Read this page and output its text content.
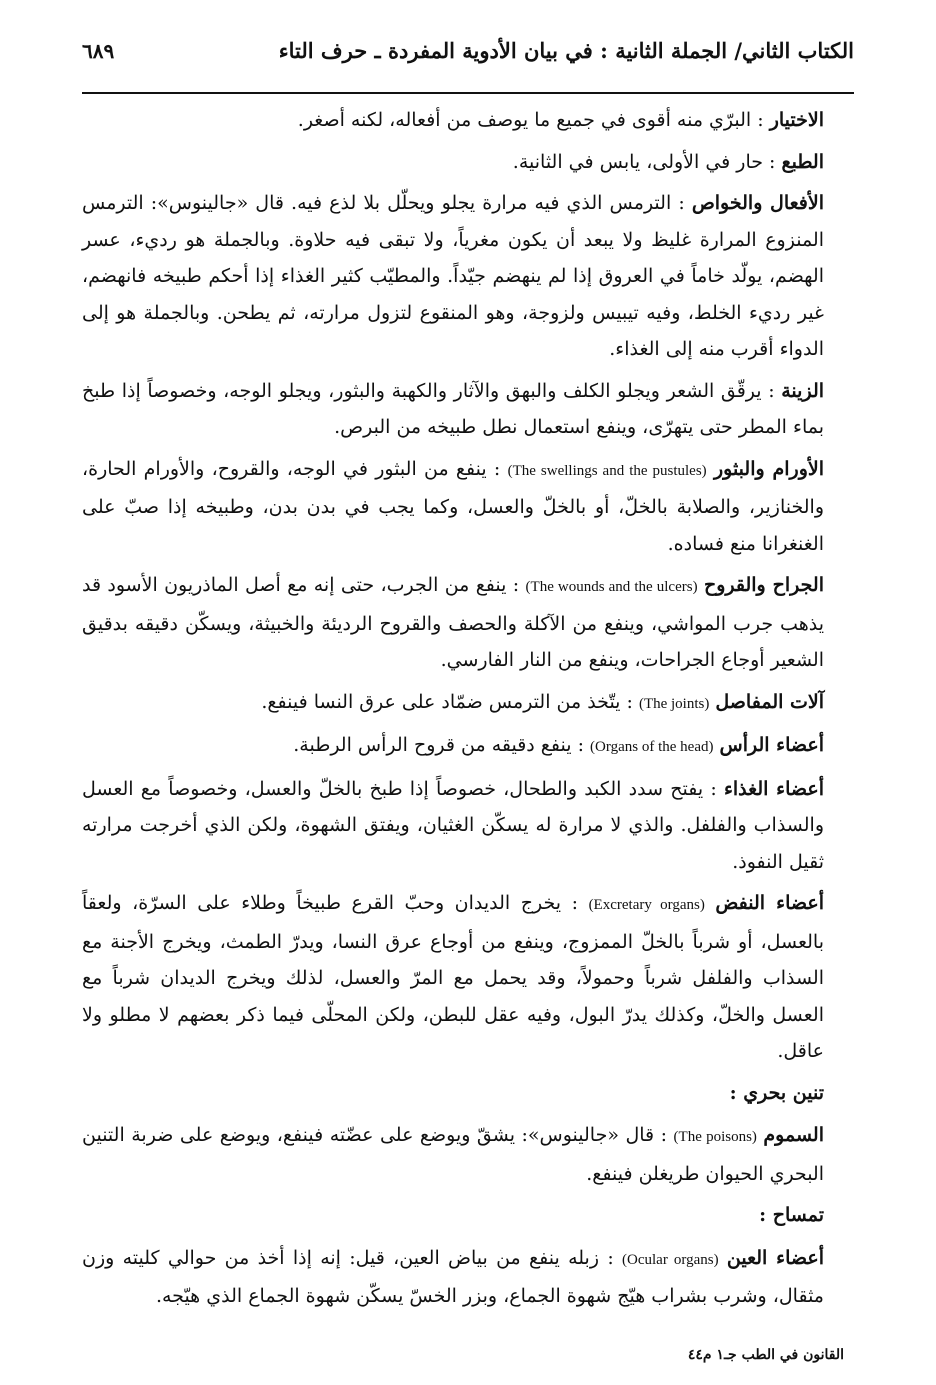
الكتاب الثاني/ الجملة الثانية : في بيان الأدوية المفردة ـ حرف التاء
٦٨٩

الاختيار : البرّي منه أقوى في جميع ما يوصف من أفعاله، لكنه أصغر.

الطبع : حار في الأولى، يابس في الثانية.

الأفعال والخواص : الترمس الذي فيه مرارة يجلو ويحلّل بلا لذع فيه. قال «جالينوس»: الترمس المنزوع المرارة غليظ ولا يبعد أن يكون مغرياً، ولا تبقى فيه حلاوة. وبالجملة هو رديء، عسر الهضم، يولّد خاماً في العروق إذا لم ينهضم جيّداً. والمطيّب كثير الغذاء إذا أحكم طبيخه فانهضم، غير رديء الخلط، وفيه تيبيس ولزوجة، وهو المنقوع لتزول مرارته، ثم يطحن. وبالجملة هو إلى الدواء أقرب منه إلى الغذاء.

الزينة : يرقّق الشعر ويجلو الكلف والبهق والآثار والكهبة والبثور، ويجلو الوجه، وخصوصاً إذا طبخ بماء المطر حتى يتهرّى، وينفع استعمال نطل طبيخه من البرص.

الأورام والبثور (The swellings and the pustules) : ينفع من البثور في الوجه، والقروح، والأورام الحارة، والخنازير، والصلابة بالخلّ، أو بالخلّ والعسل، وكما يجب في بدن بدن، وطبيخه إذا صبّ على الغنغرانا منع فساده.

الجراح والقروح (The wounds and the ulcers) : ينفع من الجرب، حتى إنه مع أصل الماذريون الأسود قد يذهب جرب المواشي، وينفع من الآكلة والحصف والقروح الرديئة والخبيثة، ويسكّن دقيقه بدقيق الشعير أوجاع الجراحات، وينفع من النار الفارسي.

آلات المفاصل (The joints) : يتّخذ من الترمس ضمّاد على عرق النسا فينفع.

أعضاء الرأس (Organs of the head) : ينفع دقيقه من قروح الرأس الرطبة.

أعضاء الغذاء : يفتح سدد الكبد والطحال، خصوصاً إذا طبخ بالخلّ والعسل، وخصوصاً مع العسل والسذاب والفلفل. والذي لا مرارة له يسكّن الغثيان، ويفتق الشهوة، ولكن الذي أخرجت مرارته ثقيل النفوذ.

أعضاء النفض (Excretary organs) : يخرج الديدان وحبّ القرع طبيخاً وطلاء على السرّة، ولعقاً بالعسل، أو شرباً بالخلّ الممزوج، وينفع من أوجاع عرق النسا، ويدرّ الطمث، ويخرج الأجنة مع السذاب والفلفل شرباً وحمولاً، وقد يحمل مع المرّ والعسل، لذلك ويخرج الديدان شرباً مع العسل والخلّ، وكذلك يدرّ البول، وفيه عقل للبطن، ولكن المحلّى فيما ذكر بعضهم لا مطلو ولا عاقل.

تنين بحري :

السموم (The poisons) : قال «جالينوس»: يشقّ ويوضع على عضّته فينفع، ويوضع على ضربة التنين البحري الحيوان طريغلن فينفع.

تمساح :

أعضاء العين (Ocular organs) : زبله ينفع من بياض العين، قيل: إنه إذا أخذ من حوالي كليته وزن مثقال، وشرب بشراب هيّج شهوة الجماع، وبزر الخسّ يسكّن شهوة الجماع الذي هيّجه.

القانون في الطب جـ١ م٤٤
